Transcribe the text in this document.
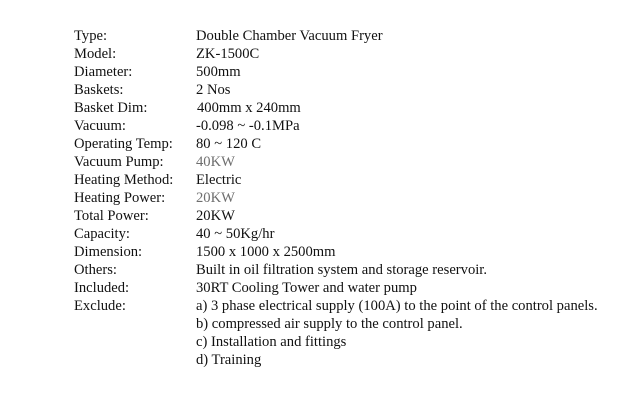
Type:	Double Chamber Vacuum Fryer
Model:	ZK-1500C
Diameter:	500mm
Baskets:	2 Nos
Basket Dim:	400mm x 240mm
Vacuum:	-0.098 ~ -0.1MPa
Operating Temp:	80 ~ 120 C
Vacuum Pump:	40KW
Heating Method:	Electric
Heating Power:	20KW
Total Power:	20KW
Capacity:	40 ~ 50Kg/hr
Dimension:	1500 x 1000 x 2500mm
Others:	Built in oil filtration system and storage reservoir.
Included:	30RT Cooling Tower and water pump
Exclude:	a) 3 phase electrical supply (100A) to the point of the control panels.
b) compressed air supply to the control panel.
c) Installation and fittings
d) Training
